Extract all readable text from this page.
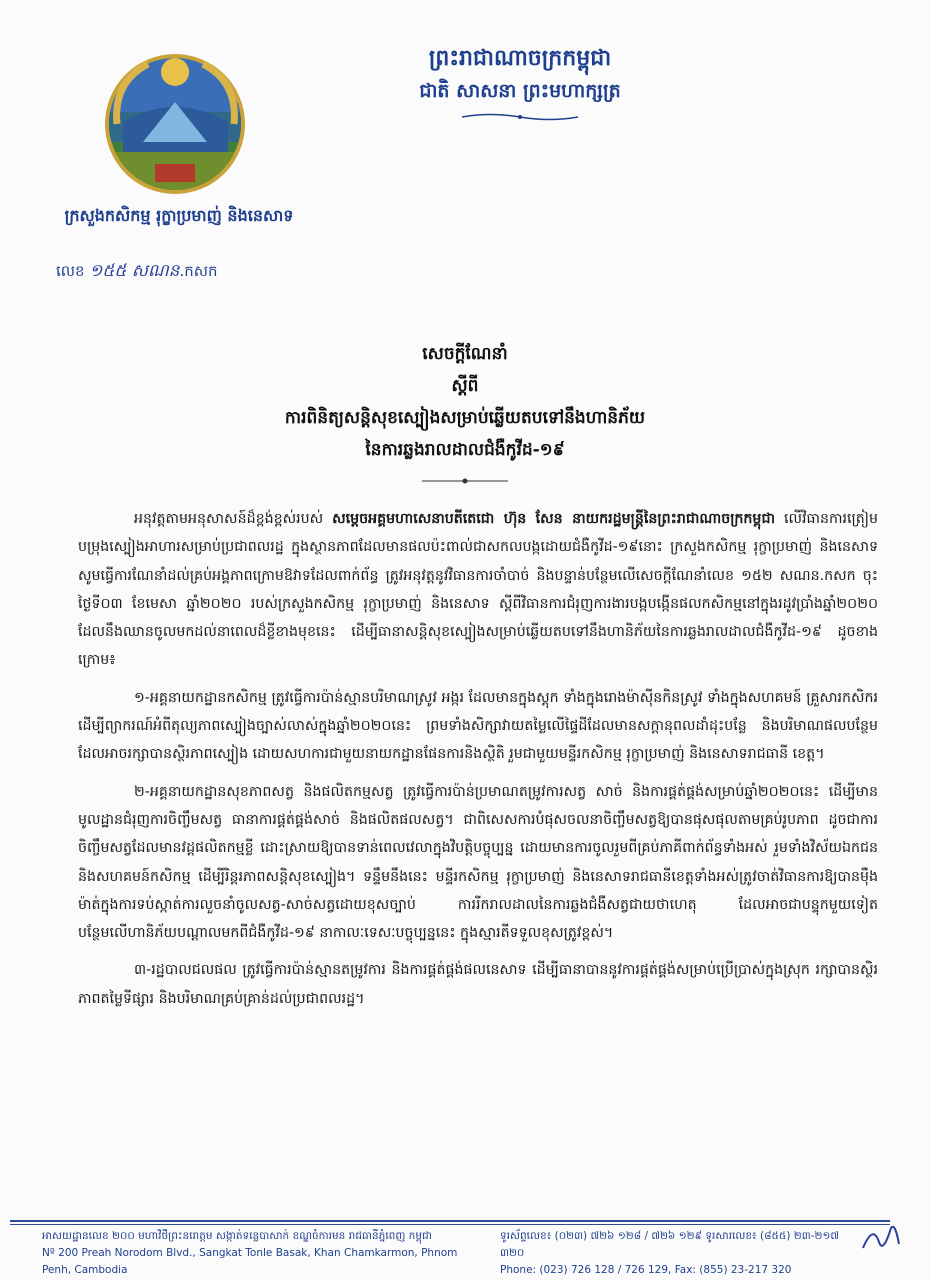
ព្រះរាជាណាចក្រកម្ពុជា
ជាតិ សាសនា ព្រះមហាក្សត្រ
ក្រសួងកសិកម្ម រុក្ខាប្រមាញ់ និងនេសាទ
លេខ ១៥៥ សណន.កសក
សេចក្តីណែនាំ
ស្តីពី
ការពិនិត្យសន្តិសុខស្បៀងសម្រាប់ឆ្លើយតបទៅនឹងហានិភ័យ
នៃការឆ្លងរាលដាលជំងឺកូវីដ-១៩

អនុវត្តតាមអនុសាសន៍ដ៏ខ្ពង់ខ្ពស់របស់ សម្តេចអគ្គមហាសេនាបតីតេជោ ហ៊ុន សែន នាយករដ្ឋមន្ត្រីនៃព្រះរាជាណាចក្រកម្ពុជា លើវិធានការត្រៀមបម្រុងស្បៀងអាហារសម្រាប់ប្រជាពលរដ្ឋ ក្នុងស្ថានភាពដែលមានផលប៉ះពាល់ជាសកលបង្កដោយជំងឺកូវីដ-១៩នោះ ក្រសួងកសិកម្ម រុក្ខាប្រមាញ់ និងនេសាទ សូមធ្វើការណែនាំដល់គ្រប់អង្គភាពក្រោមឱវាទដែលពាក់ព័ន្ធ ត្រូវអនុវត្តនូវវិធានការចាំបាច់ និងបន្ទាន់បន្ថែមលើសេចក្តីណែនាំលេខ ១៥២ សណន.កសក ចុះថ្ងៃទី០៣ ខែមេសា ឆ្នាំ២០២០ របស់ក្រសួងកសិកម្ម រុក្ខាប្រមាញ់ និងនេសាទ ស្តីពីវិធានការជំរុញការងារបង្កបង្កើនផលកសិកម្មនៅក្នុងរដូវប្រាំងឆ្នាំ២០២០ ដែលនឹងឈានចូលមកដល់នាពេលដ៏ខ្លីខាងមុខនេះ ដើម្បីធានាសន្តិសុខស្បៀងសម្រាប់ឆ្លើយតបទៅនឹងហានិភ័យនៃការឆ្លងរាលដាលជំងឺកូវីដ-១៩ ដូចខាងក្រោម៖

១-អគ្គនាយកដ្ឋានកសិកម្ម ត្រូវធ្វើការប៉ាន់ស្មានបរិមាណស្រូវ អង្ករ ដែលមានក្នុងស្តុក ទាំងក្នុងរោងម៉ាស៊ីនកិនស្រូវ ទាំងក្នុងសហគមន៍ គ្រួសារកសិករ ដើម្បីព្យាករណ៍អំពីតុល្យភាពស្បៀងច្បាស់លាស់ក្នុងឆ្នាំ២០២០នេះ ព្រមទាំងសិក្សាវាយតម្លៃលើផ្ទៃដីដែលមានសក្តានុពលដាំដុះបន្លែ និងបរិមាណផលបន្ថែមដែលអាចរក្សាបានស្ថិរភាពស្បៀង ដោយសហការជាមួយនាយកដ្ឋានផែនការនិងស្ថិតិ រួមជាមួយមន្ទីរកសិកម្ម រុក្ខាប្រមាញ់ និងនេសាទរាជធានី ខេត្ត។

២-អគ្គនាយកដ្ឋានសុខភាពសត្វ និងផលិតកម្មសត្វ ត្រូវធ្វើការប៉ាន់ប្រមាណតម្រូវការសត្វ សាច់ និងការផ្គត់ផ្គង់សម្រាប់ឆ្នាំ២០២០នេះ ដើម្បីមានមូលដ្ឋានជំរុញការចិញ្ចឹមសត្វ ធានាការផ្គត់ផ្គង់សាច់ និងផលិតផលសត្វ។ ជាពិសេសការបំផុសចលនាចិញ្ចឹមសត្វឱ្យបានផុសផុលតាមគ្រប់រូបភាព ដូចជាការចិញ្ចឹមសត្វដែលមានវដ្តផលិតកម្មខ្លី ដោះស្រាយឱ្យបានទាន់ពេលវេលាក្នុងវិបត្តិបច្ចុប្បន្ន ដោយមានការចូលរួមពីគ្រប់ភាគីពាក់ព័ន្ធទាំងអស់ រួមទាំងវិស័យឯកជន និងសហគមន៍កសិកម្ម ដើម្បីរិន្តរភាពសន្តិសុខស្បៀង។ ទន្ទឹមនឹងនេះ មន្ទីរកសិកម្ម រុក្ខាប្រមាញ់ និងនេសាទរាជធានីខេត្តទាំងអស់ត្រូវចាត់វិធានការឱ្យបានម៉ឺងម៉ាត់ក្នុងការទប់ស្កាត់ការលួចនាំចូលសត្វ-សាច់សត្វដោយខុសច្បាប់ ការរីករាលដាលនៃការឆ្លងជំងឺសត្វជាយថាហេតុ ដែលអាចជាបន្ទុកមួយទៀតបន្ថែមលើហានិភ័យបណ្តាលមកពីជំងឺកូវីដ-១៩ នាកាលៈទេសៈបច្ចុប្បន្ននេះ ក្នុងស្មារតីទទួលខុសត្រូវខ្ពស់។

៣-រដ្ឋបាលជលផល ត្រូវធ្វើការប៉ាន់ស្មានតម្រូវការ និងការផ្គត់ផ្គង់ផលនេសាទ ដើម្បីធានាបាននូវការផ្គត់ផ្គង់សម្រាប់ប្រើប្រាស់ក្នុងស្រុក រក្សាបានស្ថិរភាពតម្លៃទីផ្សារ និងបរិមាណគ្រប់គ្រាន់ដល់ប្រជាពលរដ្ឋ។

អាសយដ្ឋានលេខ ២០០ មហាវិថីព្រះនរោត្តម សង្កាត់ទន្លេបាសាក់ ខណ្ឌចំការមន រាជធានីភ្នំពេញ កម្ពុជា
Nº 200 Preah Norodom Blvd., Sangkat Tonle Basak, Khan Chamkarmon, Phnom Penh, Cambodia
ទូរស័ព្ទលេខ៖ (០២៣) ៧២៦ ១២៨ / ៧២៦ ១២៩ ទូរសារលេខ៖ (៨៥៥) ២៣-២១៧ ៣២០
Phone: (023) 726 128 / 726 129, Fax: (855) 23-217 320
